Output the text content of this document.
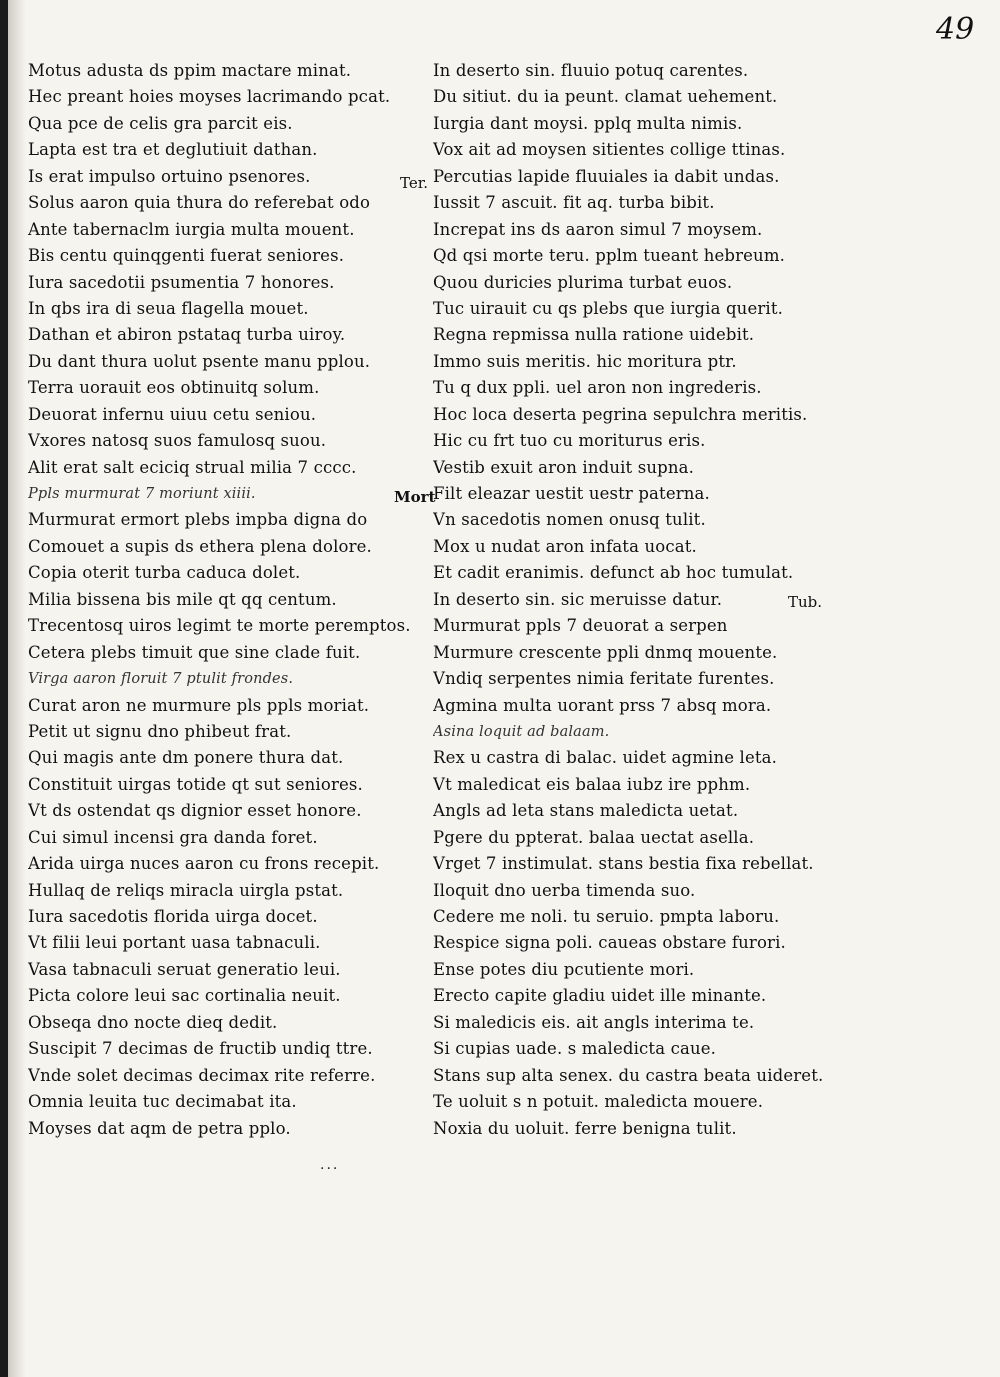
49
Motus adusta ds ppim mactare minat.
Hec preant hoies moyses lacrimando pcat.
Qua pce de celis gra parcit eis.
Lapta est tra et deglutiuit dathan.
Is erat impulso ortuino psenores.
Solus aaron quia thura do referebat odo
Ante tabernaclm iurgia multa mouent.
Bis centu quinqgenti fuerat seniores.
Iura sacedotii psumentia 7 honores.
In qbs ira di seua flagella mouet.
Dathan et abiron pstataq turba uiroy.
Du dant thura uolut psente manu pplou.
Terra uorauit eos obtinuitq solum.
Deuorat infernu uiuu cetu seniou.
Vxores natosq suos famulosq suou.
Alit erat salt eciciq strual milia 7 cccc.
Ppls murmurat 7 moriunt xiiii.
Murmurat ermort plebs impba digna do
Comouet a supis ds ethera plena dolore.
Copia oterit turba caduca dolet.
Milia bissena bis mile qt qq centum.
Trecentosq uiros legimt te morte peremptos.
Cetera plebs timuit que sine clade fuit.
Virga aaron floruit 7 ptulit frondes.
Curat aron ne murmure pls ppls moriat.
Petit ut signu dno phibeut frat.
Qui magis ante dm ponere thura dat.
Constituit uirgas totide qt sut seniores.
Vt ds ostendat qs dignior esset honore.
Cui simul incensi gra danda foret.
Arida uirga nuces aaron cu frons recepit.
Hullaq de reliqs miracla uirgla pstat.
Iura sacedotis florida uirga docet.
Vt filii leui portant uasa tabnaculi.
Vasa tabnaculi seruat generatio leui.
Picta colore leui sac cortinalia neuit.
Obseqa dno nocte dieq dedit.
Suscipit 7 decimas de fructib undiq ttre.
Vnde solet decimas decimax rite referre.
Omnia leuita tuc decimabat ita.
Moyses dat aqm de petra pplo.
In deserto sin. fluuio potuq carentes.
Du sitiut. du ia peunt. clamat uehement.
Iurgia dant moysi. pplq multa nimis.
Vox ait ad moysen sitientes collige ttinas.
Percutias lapide fluuiales ia dabit undas.
Iussit 7 ascuit. fit aq. turba bibit.
Increpat ins ds aaron simul 7 moysem.
Qd qsi morte teru. pplm tueant hebreum.
Quou duricies plurima turbat euos.
Tuc uirauit cu qs plebs que iurgia querit.
Regna repmissa nulla ratione uidebit.
Immo suis meritis. hic moritura ptr.
Tu q dux ppli. uel aron non ingrederis.
Hoc loca deserta pegrina sepulchra meritis.
Hic cu frt tuo cu moriturus eris.
Vestib exuit aron induit supna.
Filt eleazar uestit uestr paterna.
Vn sacedotis nomen onusq tulit.
Mox u nudat aron infata uocat.
Et cadit eranimis. defunct ab hoc tumulat.
In deserto sin. sic meruisse datur.
Murmurat ppls 7 deuorat a serpen
Murmure crescente ppli dnmq mouente.
Vndiq serpentes nimia feritate furentes.
Agmina multa uorant prss 7 absq mora.
Asina loquit ad balaam.
Rex u castra di balac. uidet agmine leta.
Vt maledicat eis balaa iubz ire pphm.
Angls ad leta stans maledicta uetat.
Pgere du ppterat. balaa uectat asella.
Vrget 7 instimulat. stans bestia fixa rebellat.
Iloquit dno uerba timenda suo.
Cedere me noli. tu seruio. pmpta laboru.
Respice signa poli. caueas obstare furori.
Ense potes diu pcutiente mori.
Erecto capite gladiu uidet ille minante.
Si maledicis eis. ait angls interima te.
Si cupias uade. s maledicta caue.
Stans sup alta senex. du castra beata uideret.
Te uoluit s n potuit. maledicta mouere.
Noxia du uoluit. ferre benigna tulit.
Ter.
Mort
Tub.
...
